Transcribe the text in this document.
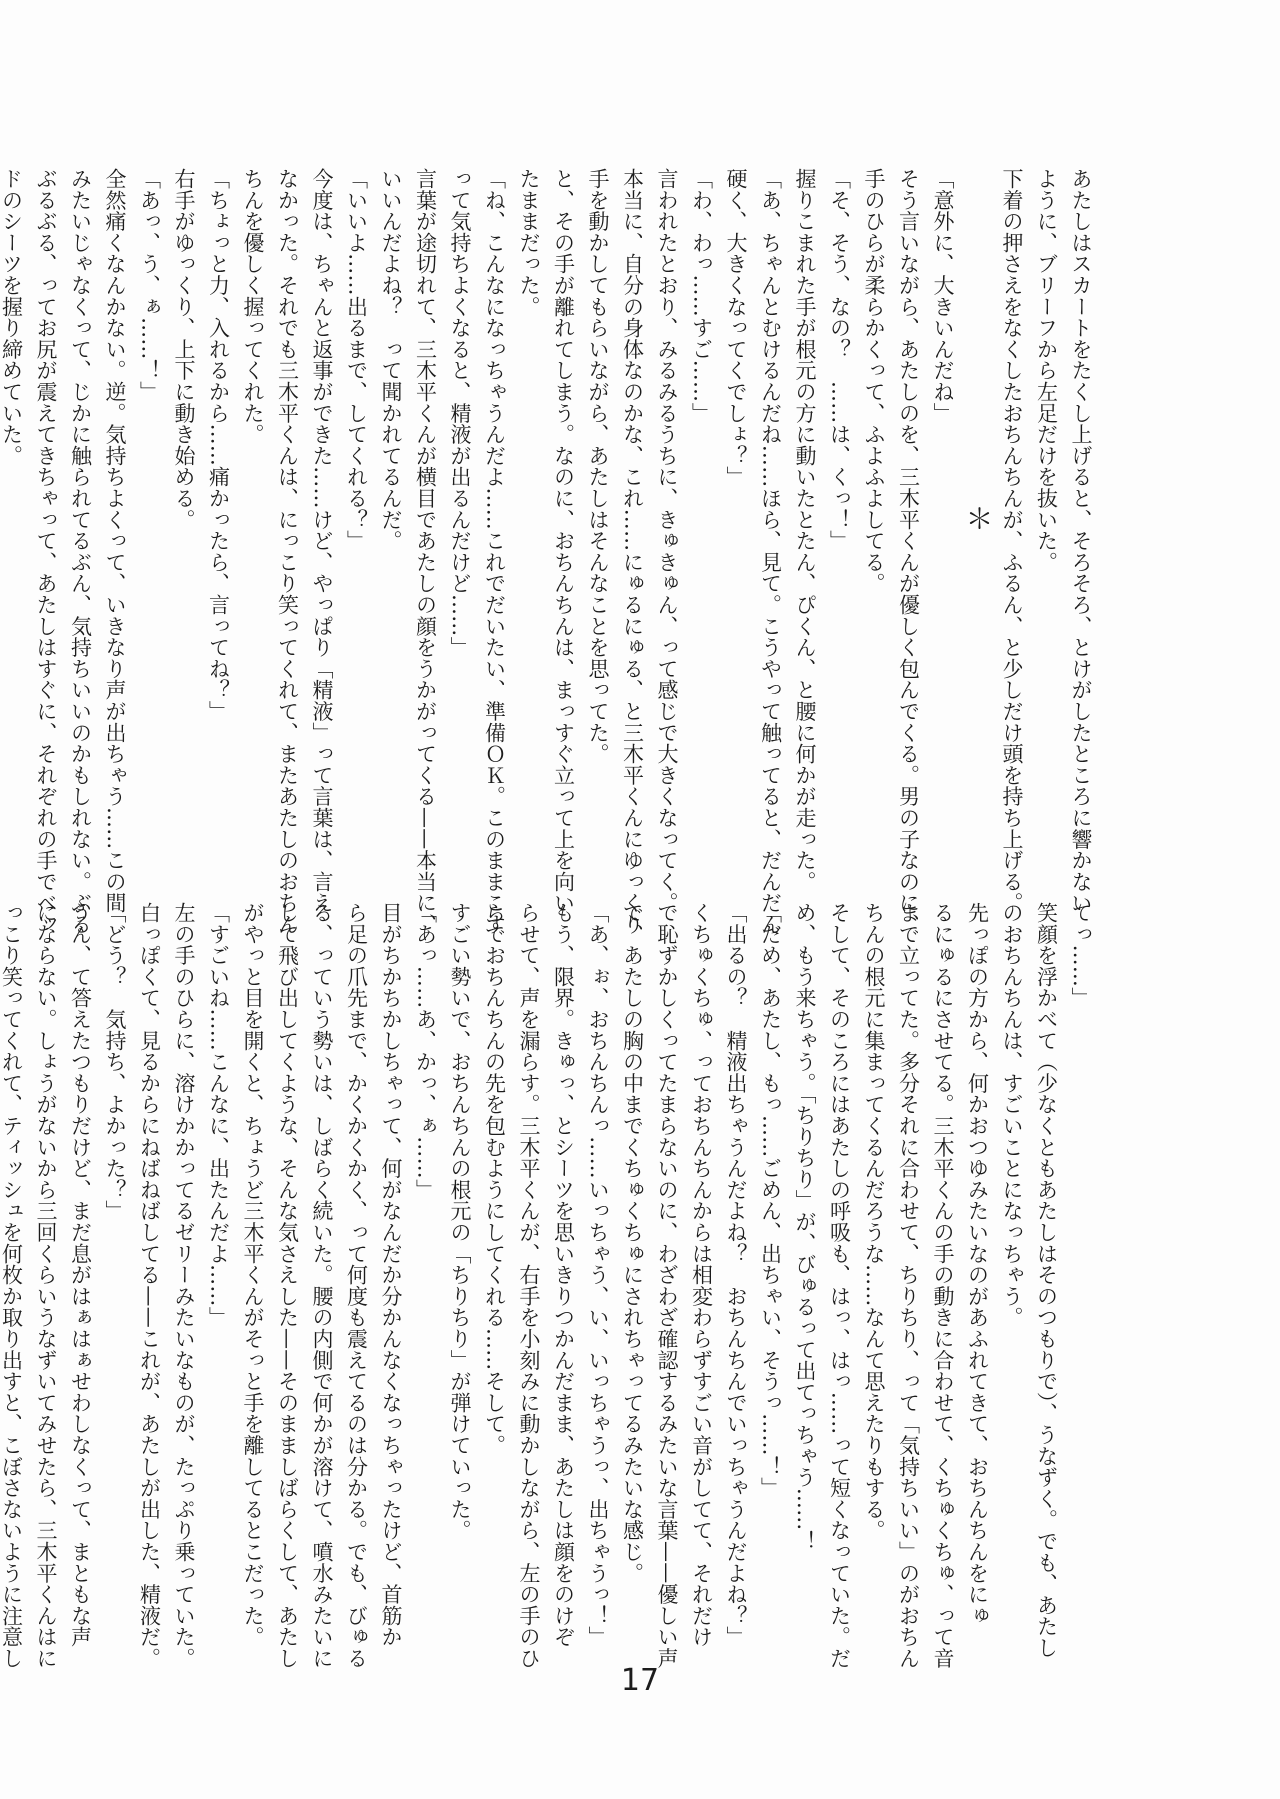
あたしはスカートをたくし上げると、そろそろ、とけがしたところに響かない
ように、ブリーフから左足だけを抜いた。
下着の押さえをなくしたおちんちんが、ふるん、と少しだけ頭を持ち上げる。
＊
「意外に、大きいんだね」
そう言いながら、あたしのを、三木平くんが優しく包んでくる。男の子なのに、
手のひらが柔らかくって、ふよふよしてる。
「そ、そう、なの？　……は、くっ！」
握りこまれた手が根元の方に動いたとたん、ぴくん、と腰に何かが走った。
「あ、ちゃんとむけるんだね……ほら、見て。こうやって触ってると、だんだん
硬く、大きくなってくでしょ？」
「わ、わっ……すご……」
言われたとおり、みるみるうちに、きゅきゅん、って感じで大きくなってく。
本当に、自分の身体なのかな、これ……にゅるにゅる、と三木平くんにゆっくり
手を動かしてもらいながら、あたしはそんなことを思ってた。
と、その手が離れてしまう。なのに、おちんちんは、まっすぐ立って上を向い
たままだった。
「ね、こんなになっちゃうんだよ……これでだいたい、準備ＯＫ。このままこす
って気持ちよくなると、精液が出るんだけど……」
言葉が途切れて、三木平くんが横目であたしの顔をうかがってくる——本当に、
いいんだよね？　って聞かれてるんだ。
「いいよ……出るまで、してくれる？」
今度は、ちゃんと返事ができた……けど、やっぱり「精液」って言葉は、言え
なかった。それでも三木平くんは、にっこり笑ってくれて、またあたしのおちん
ちんを優しく握ってくれた。
「ちょっと力、入れるから……痛かったら、言ってね？」
右手がゆっくり、上下に動き始める。
「あっ、う、ぁ……！」
全然痛くなんかない。逆。気持ちよくって、いきなり声が出ちゃう……この間
みたいじゃなくって、じかに触られてるぶん、気持ちいいのかもしれない。ぶる
ぶるぶる、ってお尻が震えてきちゃって、あたしはすぐに、それぞれの手でベッ
ドのシーツを握り締めていた。
てっ……」
笑顔を浮かべて（少なくともあたしはそのつもりで）、うなずく。でも、あたし
のおちんちんは、すごいことになっちゃう。
先っぽの方から、何かおつゆみたいなのがあふれてきて、おちんちんをにゅ
るにゅるにさせてる。三木平くんの手の動きに合わせて、くちゅくちゅ、って音
まで立ってた。多分それに合わせて、ちりちり、って「気持ちいい」のがおちん
ちんの根元に集まってくるんだろうな……なんて思えたりもする。
そして、そのころにはあたしの呼吸も、はっ、はっ……って短くなっていた。だ
め、もう来ちゃう。「ちりちり」が、びゅるって出てっちゃう……！
「だめ、あたし、もっ……ごめん、出ちゃい、そうっ……！」
「出るの？　精液出ちゃうんだよね？　おちんちんでいっちゃうんだよね？」
くちゅくちゅ、っておちんちんからは相変わらずすごい音がしてて、それだけ
で恥ずかしくってたまらないのに、わざわざ確認するみたいな言葉——優しい声
で、あたしの胸の中までくちゅくちゅにされちゃってるみたいな感じ。
「あ、ぉ、おちんちんっ……いっちゃう、い、いっちゃうっ、出ちゃうっ！」
もう、限界。きゅっ、とシーツを思いきりつかんだまま、あたしは顔をのけぞ
らせて、声を漏らす。三木平くんが、右手を小刻みに動かしながら、左の手のひ
らでおちんちんの先を包むようにしてくれる……そして。
すごい勢いで、おちんちんの根元の「ちりちり」が弾けていった。
「あっ……あ、かっ、ぁ……」
目がちかちかしちゃって、何がなんだか分かんなくなっちゃったけど、首筋か
ら足の爪先まで、かくかくかく、って何度も震えてるのは分かる。でも、びゅる
る、っていう勢いは、しばらく続いた。腰の内側で何かが溶けて、噴水みたいに
して飛び出してくような、そんな気さえした——そのまましばらくして、あたし
がやっと目を開くと、ちょうど三木平くんがそっと手を離してるとこだった。
「すごいね……こんなに、出たんだよ……」
左の手のひらに、溶けかかってるゼリーみたいなものが、たっぷり乗っていた。
白っぽくて、見るからにねばねばしてる——これが、あたしが出した、精液だ。
「どう？　気持ち、よかった？」
うん、て答えたつもりだけど、まだ息がはぁはぁせわしなくって、まともな声
にならない。しょうがないから三回くらいうなずいてみせたら、三木平くんはに
っこり笑ってくれて、ティッシュを何枚か取り出すと、こぼさないように注意し
17
